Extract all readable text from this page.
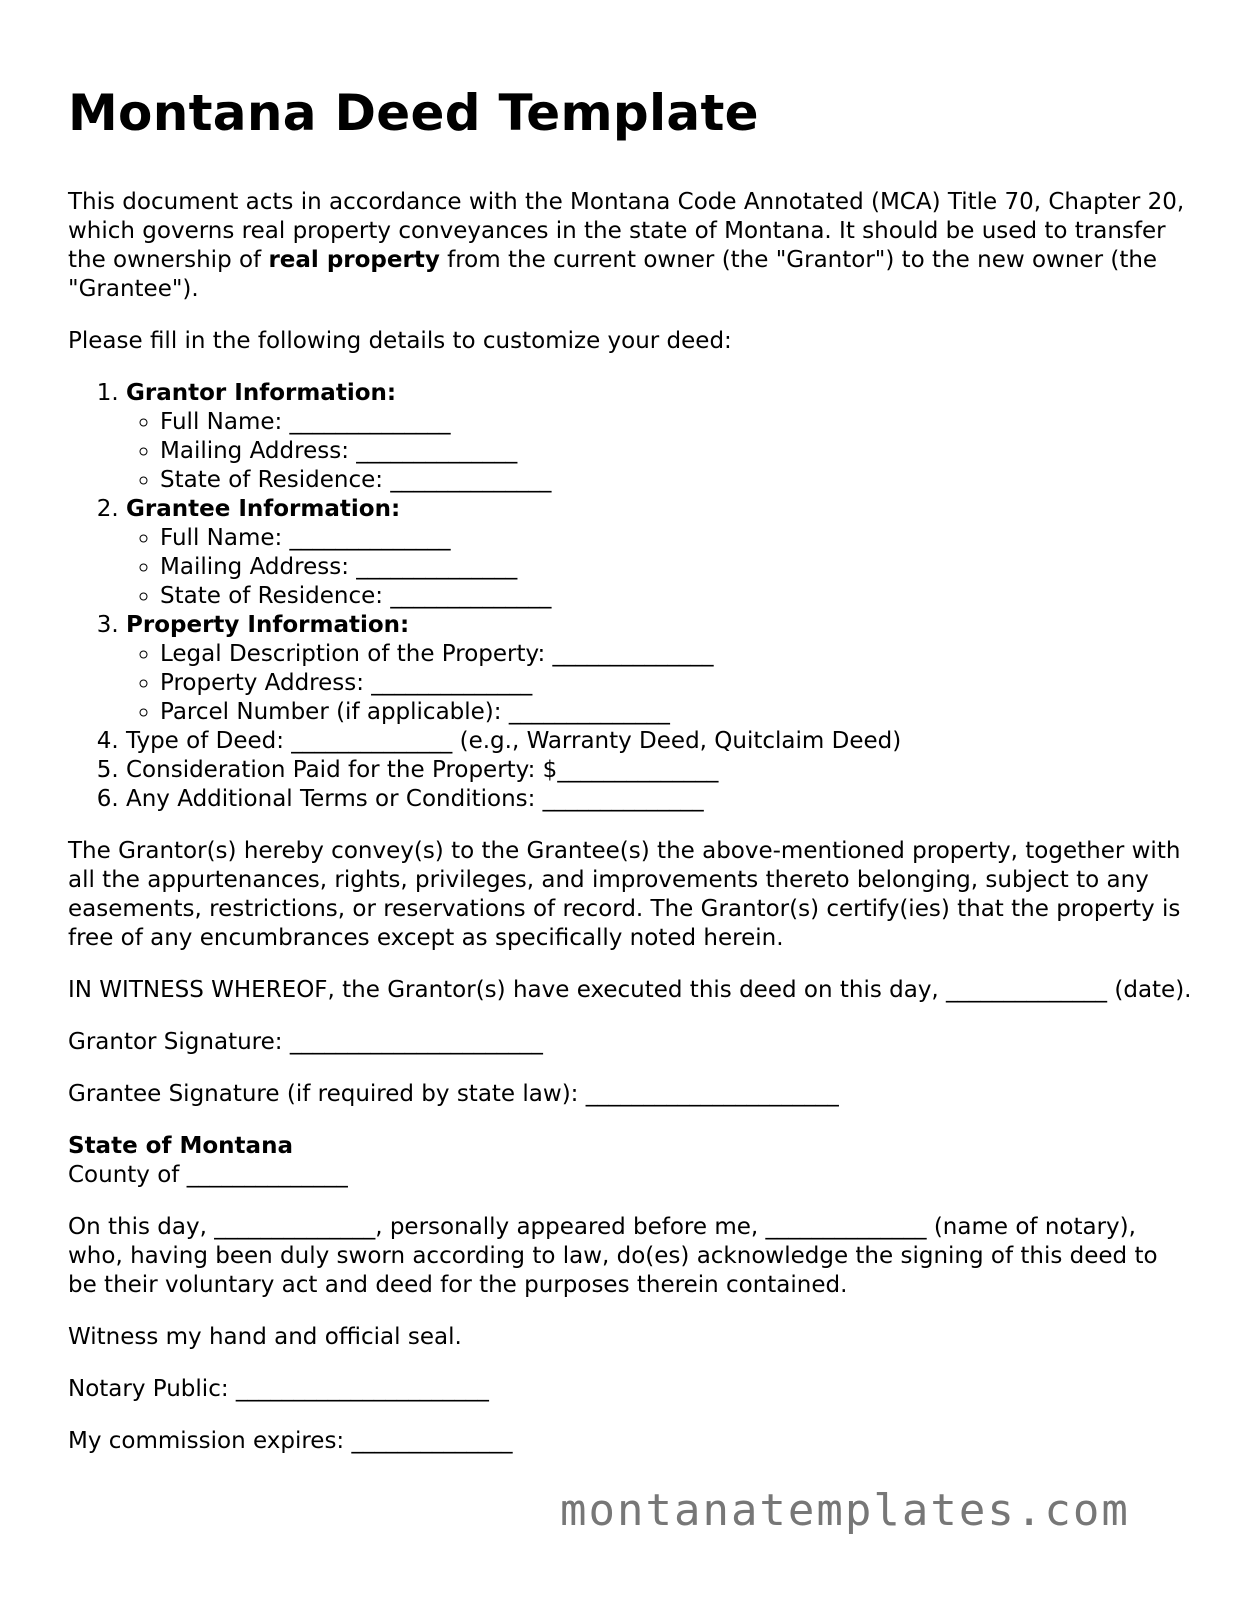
Montana Deed Template

This document acts in accordance with the Montana Code Annotated (MCA) Title 70, Chapter 20, which governs real property conveyances in the state of Montana. It should be used to transfer the ownership of real property from the current owner (the "Grantor") to the new owner (the "Grantee").

Please fill in the following details to customize your deed:

1. Grantor Information:
◦ Full Name: ______________
◦ Mailing Address: ______________
◦ State of Residence: ______________
2. Grantee Information:
◦ Full Name: ______________
◦ Mailing Address: ______________
◦ State of Residence: ______________
3. Property Information:
◦ Legal Description of the Property: ______________
◦ Property Address: ______________
◦ Parcel Number (if applicable): ______________
4. Type of Deed: ______________ (e.g., Warranty Deed, Quitclaim Deed)
5. Consideration Paid for the Property: $______________
6. Any Additional Terms or Conditions: ______________

The Grantor(s) hereby convey(s) to the Grantee(s) the above-mentioned property, together with all the appurtenances, rights, privileges, and improvements thereto belonging, subject to any easements, restrictions, or reservations of record. The Grantor(s) certify(ies) that the property is free of any encumbrances except as specifically noted herein.

IN WITNESS WHEREOF, the Grantor(s) have executed this deed on this day, ______________ (date).

Grantor Signature: ______________________

Grantee Signature (if required by state law): ______________________

State of Montana
County of ______________

On this day, ______________, personally appeared before me, ______________ (name of notary), who, having been duly sworn according to law, do(es) acknowledge the signing of this deed to be their voluntary act and deed for the purposes therein contained.

Witness my hand and official seal.

Notary Public: ______________________

My commission expires: ______________

montanatemplates.com
